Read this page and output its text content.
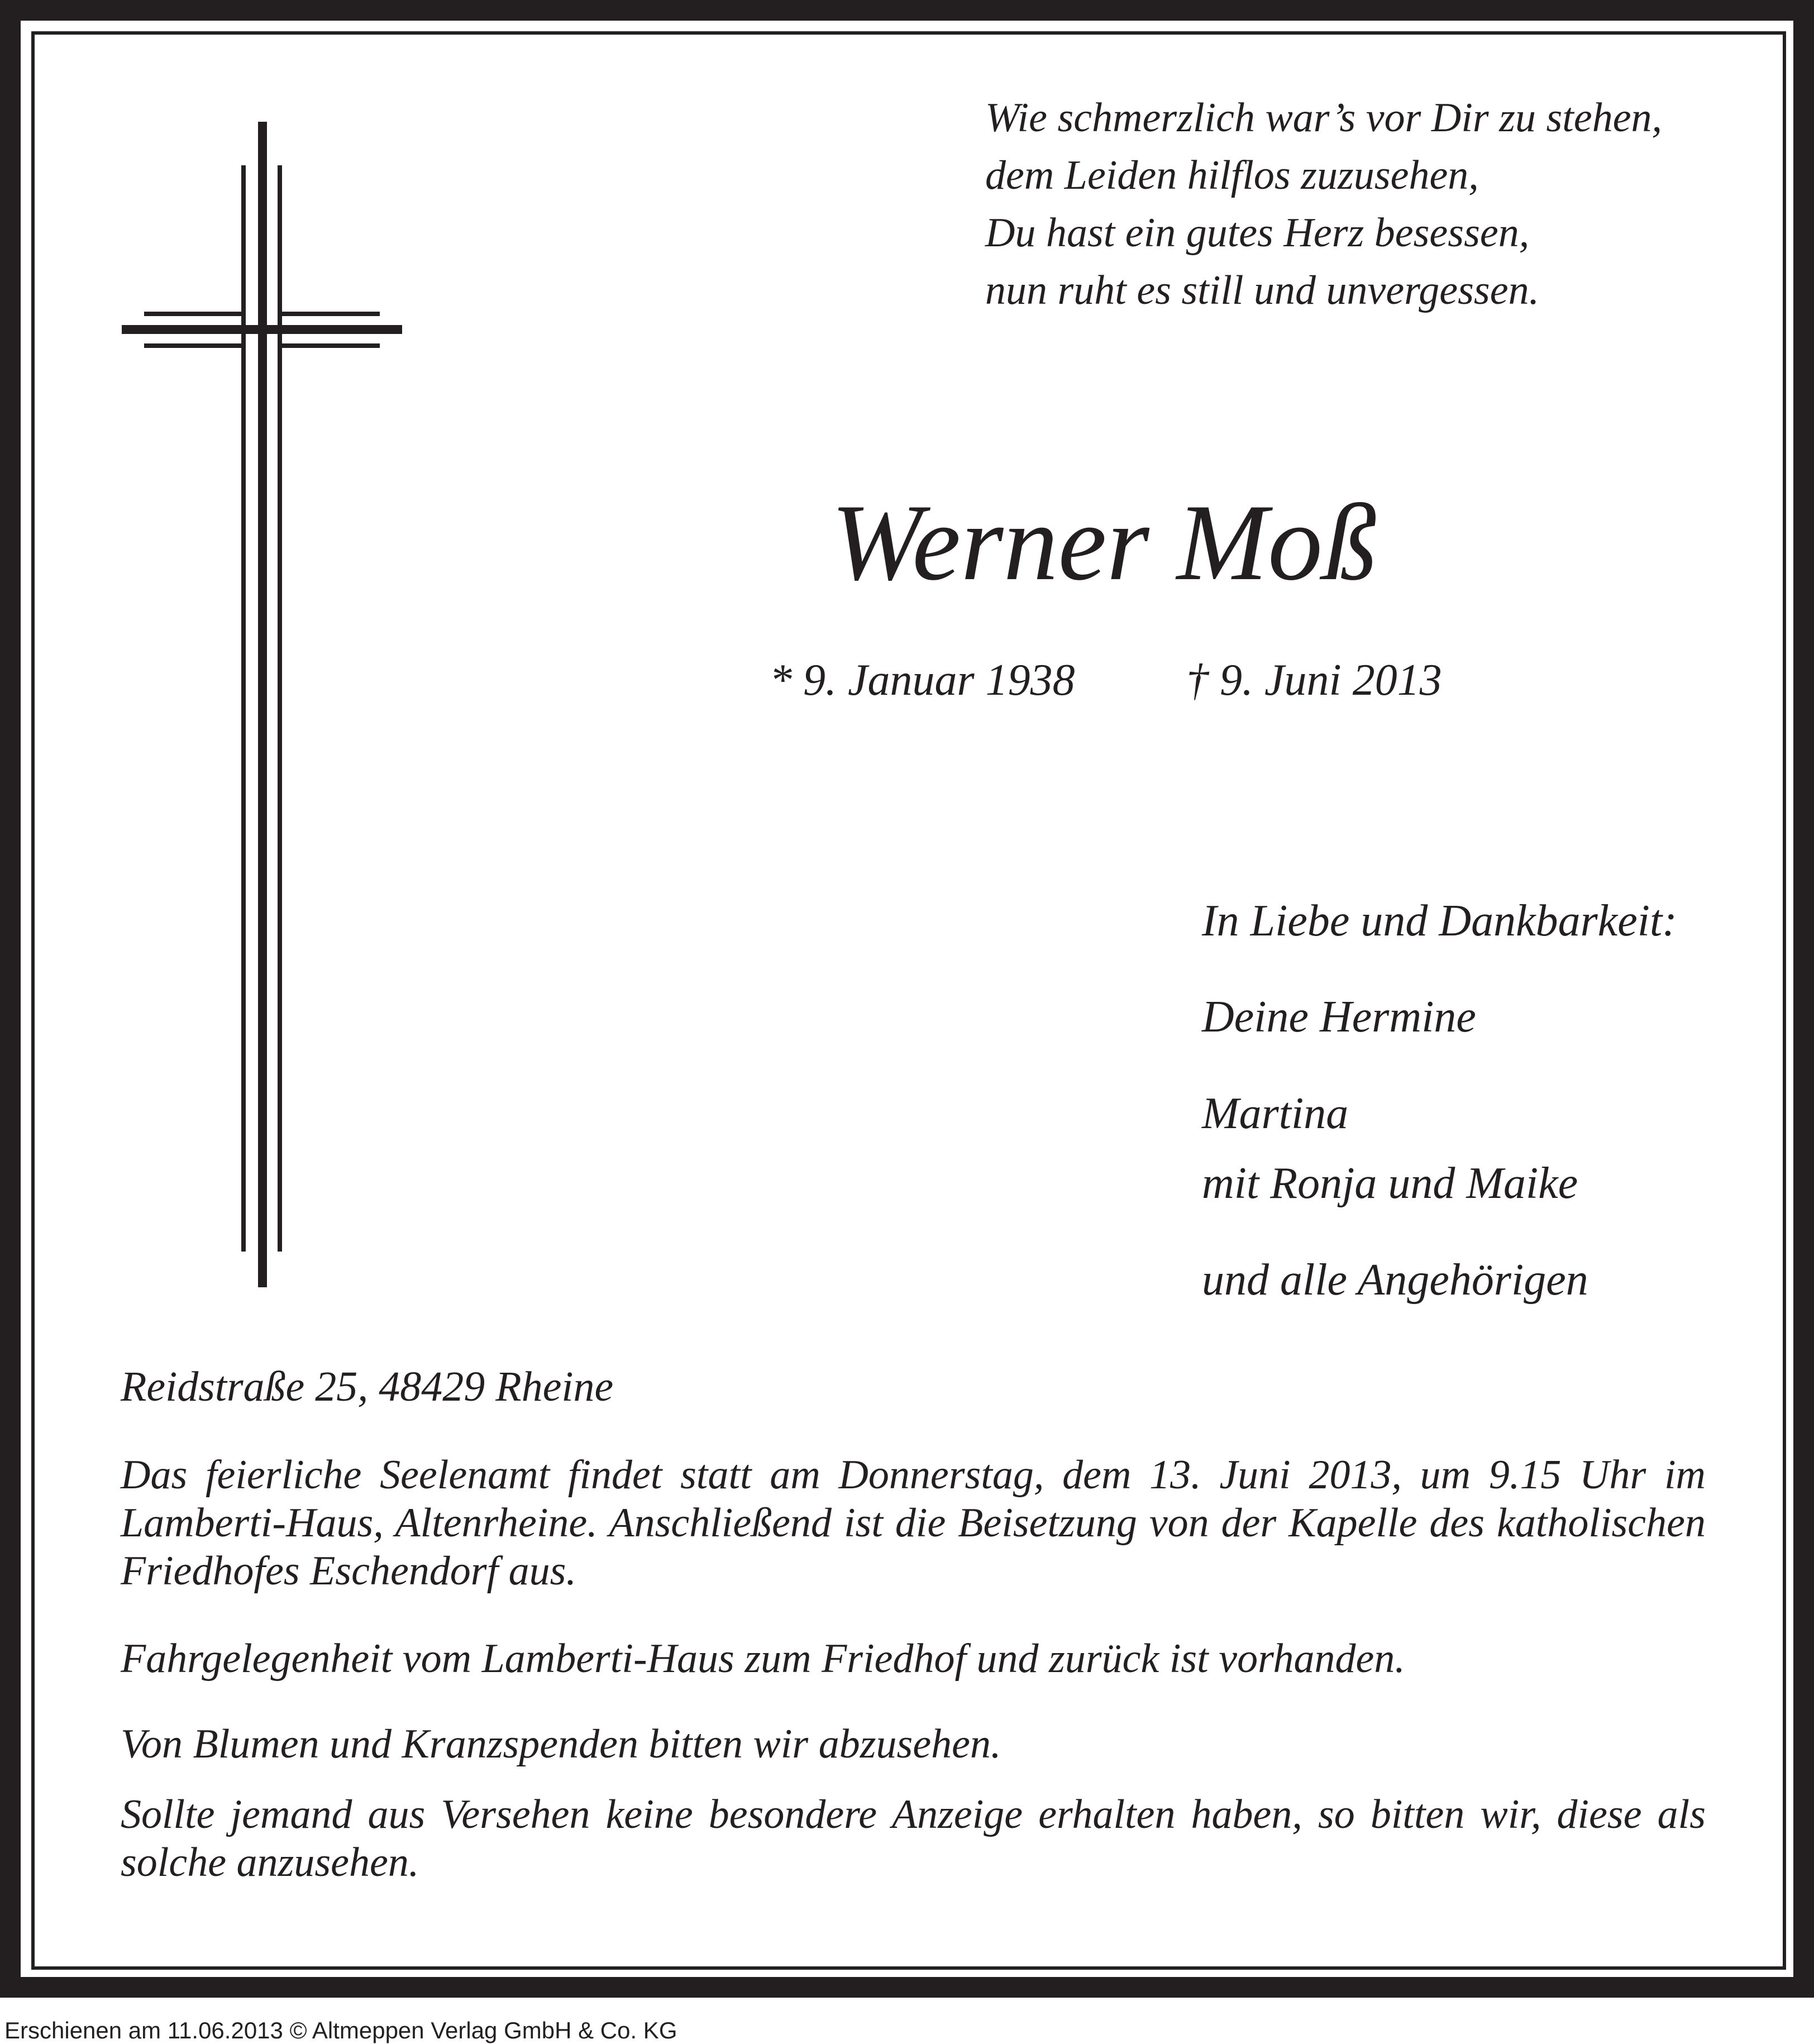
Wie schmerzlich war’s vor Dir zu stehen,
dem Leiden hilflos zuzusehen,
Du hast ein gutes Herz besessen,
nun ruht es still und unvergessen.
Werner Moß
* 9. Januar 1938 † 9. Juni 2013
In Liebe und Dankbarkeit:
Deine Hermine
Martina
mit Ronja und Maike
und alle Angehörigen
Reidstraße 25, 48429 Rheine

Das feierliche Seelenamt findet statt am Donnerstag, dem 13. Juni 2013, um 9.15 Uhr im Lamberti-Haus, Altenrheine. Anschließend ist die Beisetzung von der Kapelle des katholischen Friedhofes Eschendorf aus.

Fahrgelegenheit vom Lamberti-Haus zum Friedhof und zurück ist vorhanden.

Von Blumen und Kranzspenden bitten wir abzusehen.

Sollte jemand aus Versehen keine besondere Anzeige erhalten haben, so bitten wir, diese als solche anzusehen.

Erschienen am 11.06.2013 © Altmeppen Verlag GmbH & Co. KG
